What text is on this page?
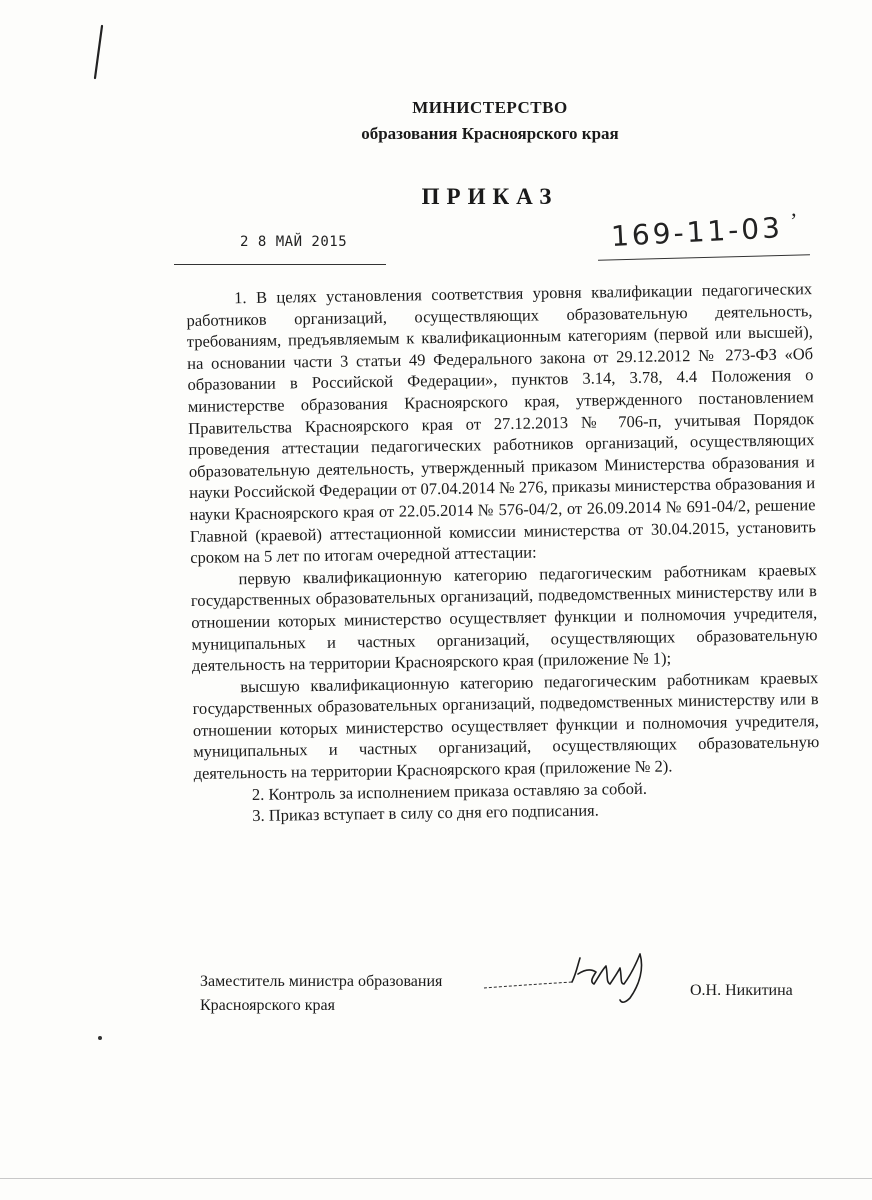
МИНИСТЕРСТВО
образования Красноярского края
ПРИКАЗ
2 8 МАЙ 2015	169-11-03 ’

1. В целях установления соответствия уровня квалификации педагогических работников организаций, осуществляющих образовательную деятельность, требованиям, предъявляемым к квалификационным категориям (первой или высшей), на основании части 3 статьи 49 Федерального закона от 29.12.2012 № 273-ФЗ «Об образовании в Российской Федерации», пунктов 3.14, 3.78, 4.4 Положения о министерстве образования Красноярского края, утвержденного постановлением Правительства Красноярского края от 27.12.2013 № 706-п, учитывая Порядок проведения аттестации педагогических работников организаций, осуществляющих образовательную деятельность, утвержденный приказом Министерства образования и науки Российской Федерации от 07.04.2014 № 276, приказы министерства образования и науки Красноярского края от 22.05.2014 № 576-04/2, от 26.09.2014 № 691-04/2, решение Главной (краевой) аттестационной комиссии министерства от 30.04.2015, установить сроком на 5 лет по итогам очередной аттестации:

первую квалификационную категорию педагогическим работникам краевых государственных образовательных организаций, подведомственных министерству или в отношении которых министерство осуществляет функции и полномочия учредителя, муниципальных и частных организаций, осуществляющих образовательную деятельность на территории Красноярского края (приложение № 1);

высшую квалификационную категорию педагогическим работникам краевых государственных образовательных организаций, подведомственных министерству или в отношении которых министерство осуществляет функции и полномочия учредителя, муниципальных и частных организаций, осуществляющих образовательную деятельность на территории Красноярского края (приложение № 2).

2. Контроль за исполнением приказа оставляю за собой.

3. Приказ вступает в силу со дня его подписания.

Заместитель министра образования
Красноярского края
О.Н. Никитина
